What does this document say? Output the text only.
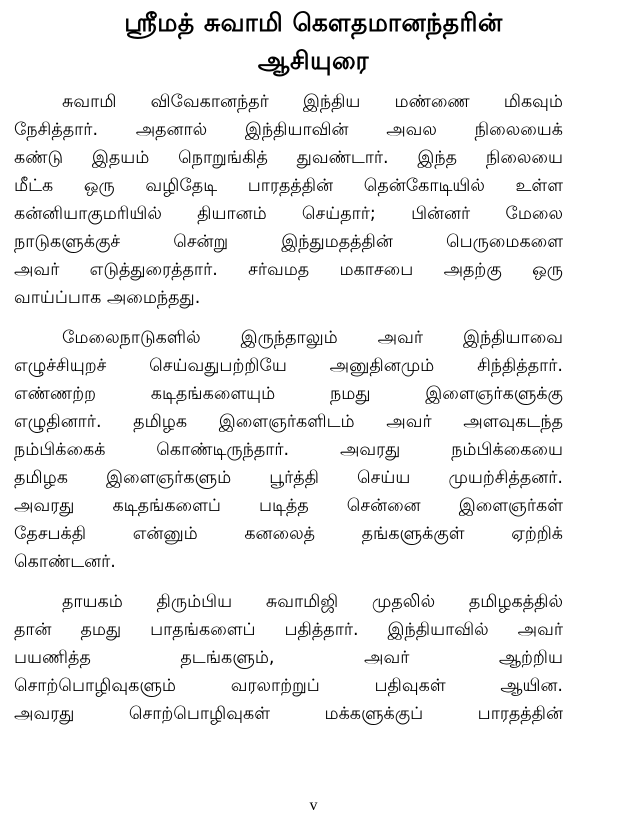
ஸ்ரீமத் சுவாமி கௌதமானந்தரின்
ஆசியுரை
சுவாமி விவேகானந்தர் இந்திய மண்ணை மிகவும்
நேசித்தார். அதனால் இந்தியாவின் அவல நிலையைக்
கண்டு இதயம் நொறுங்கித் துவண்டார். இந்த நிலையை
மீட்க ஒரு வழிதேடி பாரதத்தின் தென்கோடியில் உள்ள
கன்னியாகுமரியில் தியானம் செய்தார்; பின்னர் மேலை
நாடுகளுக்குச் சென்று இந்துமதத்தின் பெருமைகளை
அவர் எடுத்துரைத்தார். சர்வமத மகாசபை அதற்கு ஒரு
வாய்ப்பாக அமைந்தது.
மேலைநாடுகளில் இருந்தாலும் அவர் இந்தியாவை
எழுச்சியுறச் செய்வதுபற்றியே அனுதினமும் சிந்தித்தார்.
எண்ணற்ற கடிதங்களையும் நமது இளைஞர்களுக்கு
எழுதினார். தமிழக இளைஞர்களிடம் அவர் அளவுகடந்த
நம்பிக்கைக் கொண்டிருந்தார். அவரது நம்பிக்கையை
தமிழக இளைஞர்களும் பூர்த்தி செய்ய முயற்சித்தனர்.
அவரது கடிதங்களைப் படித்த சென்னை இளைஞர்கள்
தேசபக்தி என்னும் கனலைத் தங்களுக்குள் ஏற்றிக்
கொண்டனர்.
தாயகம் திரும்பிய சுவாமிஜி முதலில் தமிழகத்தில்
தான் தமது பாதங்களைப் பதித்தார். இந்தியாவில் அவர்
பயணித்த தடங்களும், அவர் ஆற்றிய
சொற்பொழிவுகளும் வரலாற்றுப் பதிவுகள் ஆயின.
அவரது சொற்பொழிவுகள் மக்களுக்குப் பாரதத்தின்
v
